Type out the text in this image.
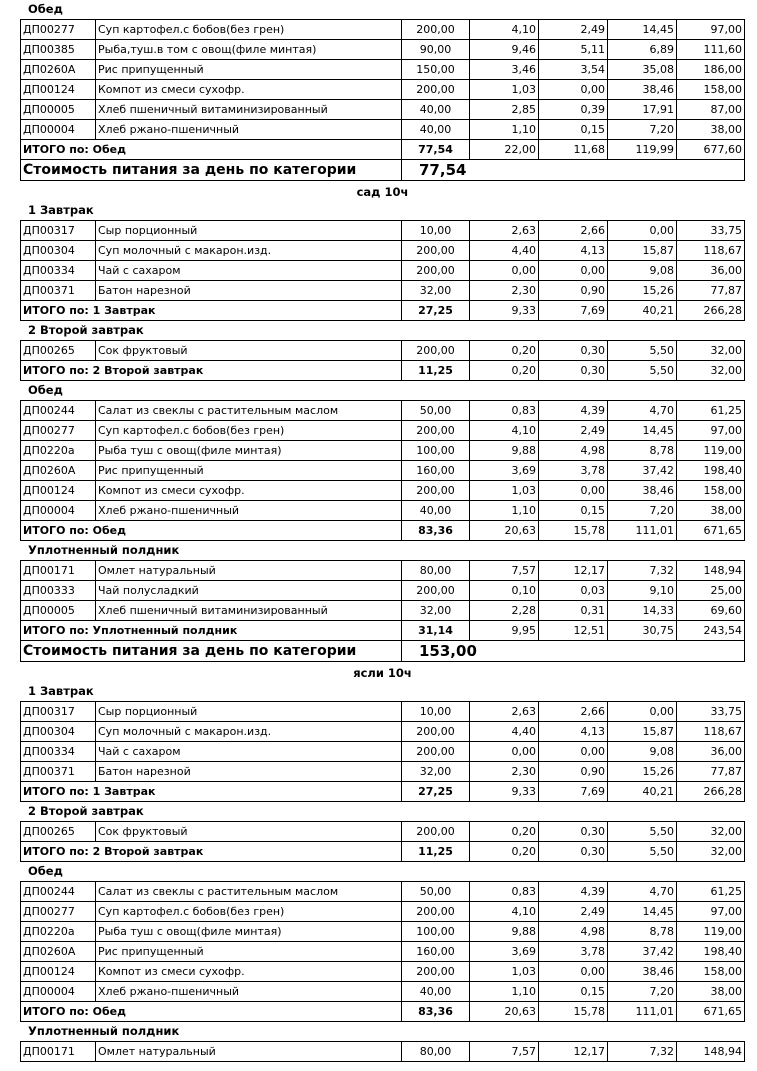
Обед
ДП00277	Суп картофел.с бобов(без грен)	200,00	4,10	2,49	14,45	97,00
ДП00385	Рыба,туш.в том с овощ(филе минтая)	90,00	9,46	5,11	6,89	111,60
ДП0260А	Рис припущенный	150,00	3,46	3,54	35,08	186,00
ДП00124	Компот из смеси сухофр.	200,00	1,03	0,00	38,46	158,00
ДП00005	Хлеб пшеничный витаминизированный	40,00	2,85	0,39	17,91	87,00
ДП00004	Хлеб ржано-пшеничный	40,00	1,10	0,15	7,20	38,00
ИТОГО по: Обед		77,54	22,00	11,68	119,99	677,60
Стоимость питания за день по категории		77,54				
сад 10ч
1 Завтрак
ДП00317	Сыр порционный	10,00	2,63	2,66	0,00	33,75
ДП00304	Суп молочный с макарон.изд.	200,00	4,40	4,13	15,87	118,67
ДП00334	Чай с сахаром	200,00	0,00	0,00	9,08	36,00
ДП00371	Батон нарезной	32,00	2,30	0,90	15,26	77,87
ИТОГО по: 1 Завтрак		27,25	9,33	7,69	40,21	266,28
2 Второй завтрак
ДП00265	Сок фруктовый	200,00	0,20	0,30	5,50	32,00
ИТОГО по: 2 Второй завтрак		11,25	0,20	0,30	5,50	32,00
Обед
ДП00244	Салат из свеклы с растительным маслом	50,00	0,83	4,39	4,70	61,25
ДП00277	Суп картофел.с бобов(без грен)	200,00	4,10	2,49	14,45	97,00
ДП0220а	Рыба туш с овощ(филе минтая)	100,00	9,88	4,98	8,78	119,00
ДП0260А	Рис припущенный	160,00	3,69	3,78	37,42	198,40
ДП00124	Компот из смеси сухофр.	200,00	1,03	0,00	38,46	158,00
ДП00004	Хлеб ржано-пшеничный	40,00	1,10	0,15	7,20	38,00
ИТОГО по: Обед		83,36	20,63	15,78	111,01	671,65
Уплотненный полдник
ДП00171	Омлет натуральный	80,00	7,57	12,17	7,32	148,94
ДП00333	Чай полусладкий	200,00	0,10	0,03	9,10	25,00
ДП00005	Хлеб пшеничный витаминизированный	32,00	2,28	0,31	14,33	69,60
ИТОГО по: Уплотненный полдник		31,14	9,95	12,51	30,75	243,54
Стоимость питания за день по категории		153,00				
ясли 10ч
1 Завтрак
ДП00317	Сыр порционный	10,00	2,63	2,66	0,00	33,75
ДП00304	Суп молочный с макарон.изд.	200,00	4,40	4,13	15,87	118,67
ДП00334	Чай с сахаром	200,00	0,00	0,00	9,08	36,00
ДП00371	Батон нарезной	32,00	2,30	0,90	15,26	77,87
ИТОГО по: 1 Завтрак		27,25	9,33	7,69	40,21	266,28
2 Второй завтрак
ДП00265	Сок фруктовый	200,00	0,20	0,30	5,50	32,00
ИТОГО по: 2 Второй завтрак		11,25	0,20	0,30	5,50	32,00
Обед
ДП00244	Салат из свеклы с растительным маслом	50,00	0,83	4,39	4,70	61,25
ДП00277	Суп картофел.с бобов(без грен)	200,00	4,10	2,49	14,45	97,00
ДП0220а	Рыба туш с овощ(филе минтая)	100,00	9,88	4,98	8,78	119,00
ДП0260А	Рис припущенный	160,00	3,69	3,78	37,42	198,40
ДП00124	Компот из смеси сухофр.	200,00	1,03	0,00	38,46	158,00
ДП00004	Хлеб ржано-пшеничный	40,00	1,10	0,15	7,20	38,00
ИТОГО по: Обед		83,36	20,63	15,78	111,01	671,65
Уплотненный полдник
ДП00171	Омлет натуральный	80,00	7,57	12,17	7,32	148,94
